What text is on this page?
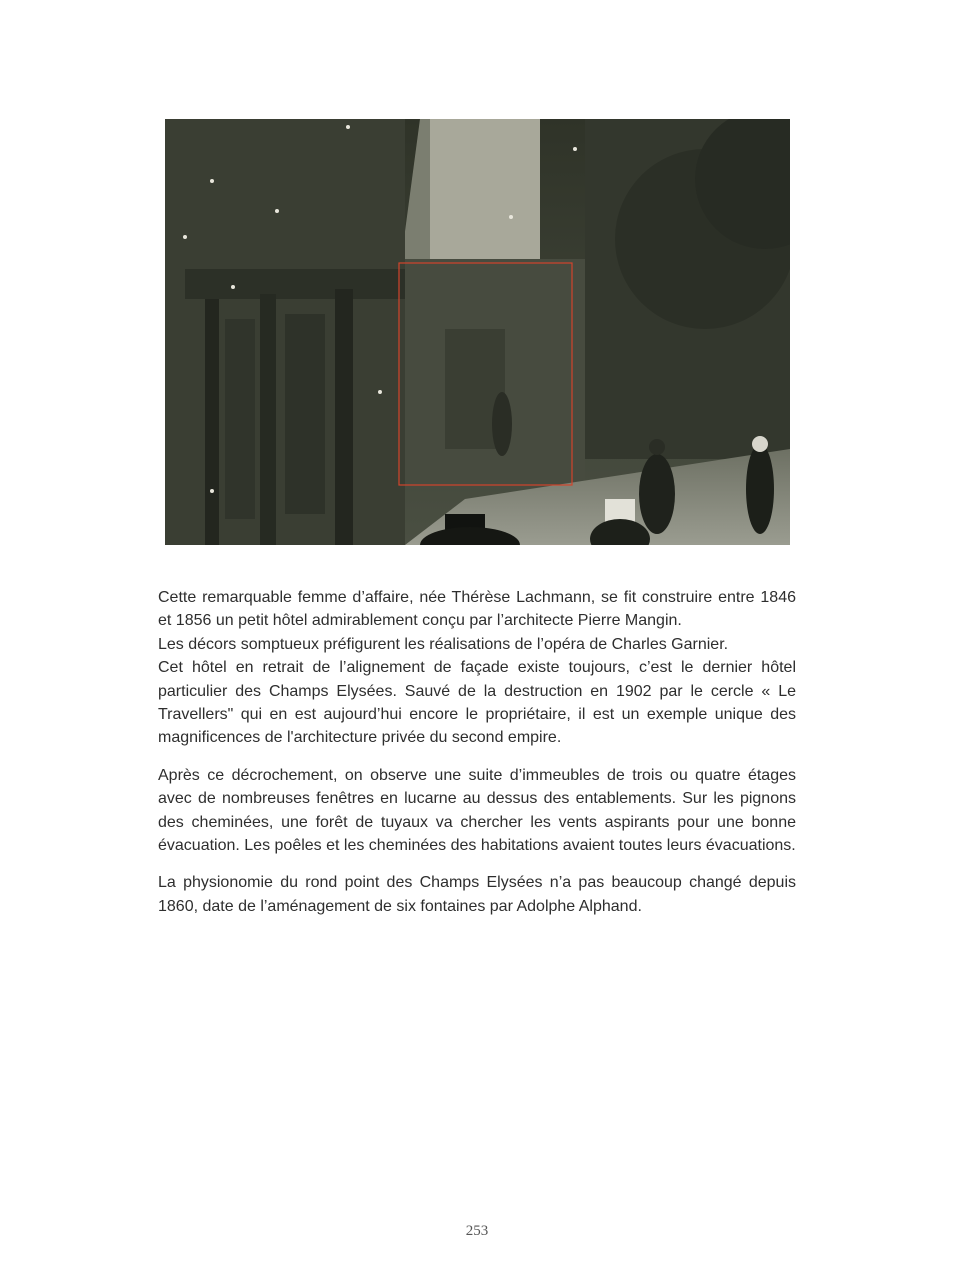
Cette remarquable femme d’affaire, née Thérèse Lachmann, se fit construire entre 1846 et 1856 un petit hôtel admirablement conçu par l’architecte Pierre Mangin.
Les décors somptueux préfigurent les réalisations de l’opéra de Charles Garnier.
Cet hôtel en retrait de l’alignement de façade existe toujours, c’est le dernier hôtel particulier des Champs Elysées. Sauvé de la destruction en 1902 par le cercle « Le Travellers" qui en est aujourd’hui encore le propriétaire, il est un exemple unique des magnificences de l'architecture privée du second empire.
Après ce décrochement, on observe une suite d’immeubles de trois ou quatre étages avec de nombreuses fenêtres en lucarne au dessus des entablements. Sur les pignons des cheminées, une forêt de tuyaux va chercher les vents aspirants pour une bonne évacuation. Les poêles et les cheminées des habitations avaient toutes leurs évacuations.
La physionomie du rond point des Champs Elysées n’a pas beaucoup changé depuis 1860, date de l’aménagement de six fontaines par Adolphe Alphand.
253
